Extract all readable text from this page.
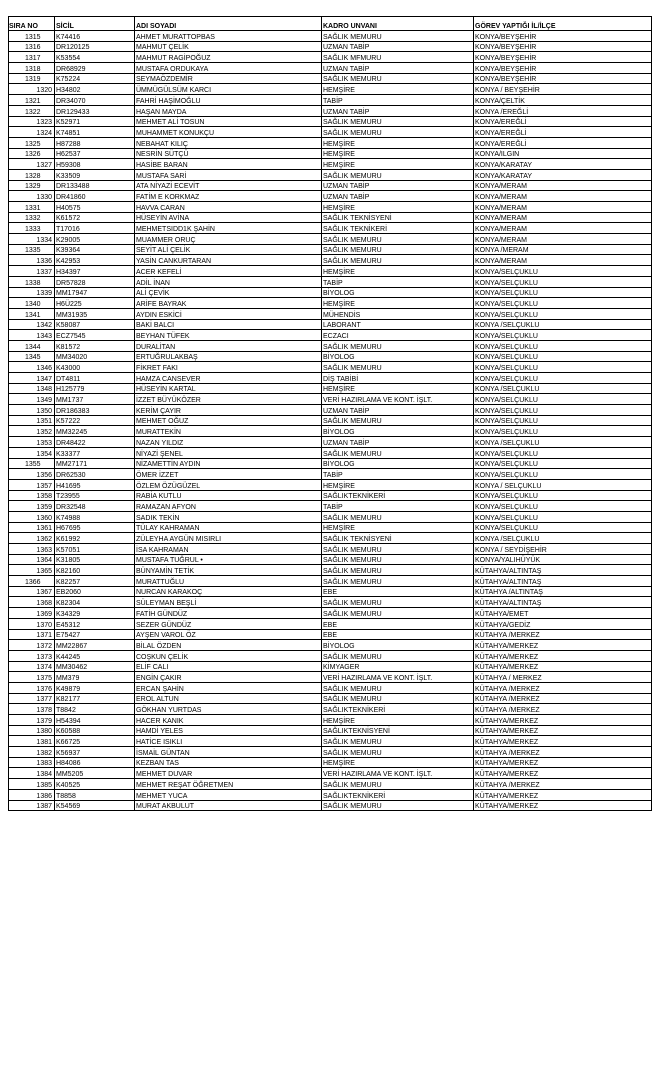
SIRA NO	SİCİL	ADI SOYADI	KADRO UNVANI	GÖREV YAPTIĞI İL/İLÇE
1315	K74416	AHMET MURATTOPBAS	SAĞLIK MEMURU	KONYA/BEYŞEHİR
1316	DR120125	MAHMUT ÇELİK	UZMAN TABİP	KONYA/BEYŞEHİR
1317	K53554	MAHMUT RAGİPOĞUZ	SAĞLIK MFMURU	KONYA/BEYŞEHİR
1318	DR68929	MUSTAFA ORDUKAYA	UZMAN TABİP	KONYA/BEYŞEHİR
1319	K75224	SEYMAÖZDEMİR	SAĞLIK MEMURU	KONYA/BEYŞEHİR
1320	H34802	ÜMMÜGÜLSÜM KARCI	HEMŞİRE	KONYA / BEYŞEHİR
1321	DR34070	FAHRİ HAŞİMOĞLU	TABİP	KONYA/ÇELTİK
1322	DR129433	HAŞAN MAYDA	UZMAN TABİP	KONYA /EREĞLİ
1323	K52971	MEHMET ALİ TOSUN	SAĞLIK MEMURU	KONYA/EREĞLİ
1324	K74851	MUHAMMET KONUKÇU	SAĞLIK MEMURU	KONYA/EREĞLİ
1325	H87288	NEBAHAT KILIÇ	HEMŞİRE	KONYA/EREĞLİ
1326	H62537	NESRİN SÜTÇÜ	HEMŞİRE	KONYA/ILGIN
1327	H59308	HASİBE BARAN	HEMŞİRE	KONYA/KARATAY
1328	K33509	MUSTAFA SARİ	SAĞLIK MEMURU	KONYA/KARATAY
1329	DR133488	ATA NİYAZİ ECEVİT	UZMAN TABİP	KONYA/MERAM
1330	DR41860	FATİM E KORKMAZ	UZMAN TABİP	KONYA/MERAM
1331	H40575	HAVVA CARAN	HEMŞİRE	KONYA/MERAM
1332	K61572	HÜSEYİN AVİNA	SAĞLIK TEKNİSYENİ	KONYA/MERAM
1333	T17016	MEHMETSIDD1K ŞAHİN	SAĞLIK TEKNİKERİ	KONYA/MERAM
1334	K29005	MUAMMER ORUÇ	SAĞLIK MEMURU	KONYA/MERAM
1335	K39364	SEYİT ALİ ÇELİK	SAĞLIK MEMURU	KONYA /MERAM
1336	K42953	YASİN CANKURTARAN	SAĞLIK MEMURU	KONYA/MERAM
1337	H34397	ACER KEFELİ	HEMŞİRE	KONYA/SELÇUKLU
1338	DR57828	ADİL İNAN	TABİP	KONYA/SELÇUKLU
1339	MM17947	ALİ ÇEVİK	BİYOLOG	KONYA/SELÇUKLU
1340	H6Ü225	ARİFE BAYRAK	HEMŞİRE	KONYA/SELÇUKLU
1341	MM31935	AYDIN ESKİCİ	MÜHENDİS	KONYA/SELÇUKLU
1342	K58087	BAKİ BALCI	LABORANT	KONYA /SELÇUKLU
1343	ECZ7545	BEYHAN TÜFEK	ECZACI	KONYA/SELÇUKLU
1344	K81572	DURALİTAN	SAĞLIK MEMURU	KONYA/SELÇUKLU
1345	MM34020	ERTUĞRULAKBAŞ	BİYOLOG	KONYA/SELÇUKLU
1346	K43000	FİKRET FAKI	SAĞLIK MEMURU	KONYA/SELÇUKLU
1347	DT4811	HAMZA CANSEVER	DİŞ TABİBİ	KONYA/SELÇUKLU
1348	H125779	HÜSEYİN KARTAL	HEMŞİRE	KONYA /SELÇUKLU
1349	MM1737	İZZET BÜYÜKÖZER	VERİ HAZIRLAMA VE KONT. İŞLT.	KONYA/SELÇUKLU
1350	DR186383	KERİM ÇAYIR	UZMAN TABİP	KONYA/SELÇUKLU
1351	K57222	MEHMET OĞUZ	SAĞLIK MEMURU	KONYA/SELÇUKLU
1352	MM32245	MURATTEKİN	BİYOLOG	KONYA/SELÇUKLU
1353	DR48422	NAZAN YILDIZ	UZMAN TABİP	KONYA /SELÇUKLU
1354	K33377	NİYAZİ ŞENEL	SAĞLIK MEMURU	KONYA/SELÇUKLU
1355	MM27171	NİZAMETTİN AYDIN	BİYOLOG	KONYA/SELÇUKLU
1356	DR62530	ÖMER İZZET	TABİP	KONYA/SELÇUKLU
1357	H41695	ÖZLEM ÖZÜGÜZEL	HEMŞİRE	KONYA / SELÇUKLU
1358	T23955	RABİA KUTLU	SAĞLIKTEKNİKERİ	KONYA/SELÇUKLU
1359	DR32548	RAMAZAN AFYON	TABİP	KONYA/SELÇUKLU
1360	K74988	SADIK TEKİN	SAĞLIK MEMURU	KONYA/SELÇUKLU
1361	H67695	TÜLAY KAHRAMAN	HEMŞİRE	KONYA/SELÇUKLU
1362	K61992	ZÜLEYHA AYGÜN MISIRLI	SAĞLIK TEKNİSYENİ	KONYA /SELÇUKLU
1363	K57051	İSA KAHRAMAN	SAĞLIK MEMURU	KONYA / SEYDİŞEHİR
1364	K31805	MUSTAFA TUĞRUL •	SAĞLIK MEMURU	KONYA/YALIHÜYÜK
1365	K82160	BÜNYAMİN TETİK	SAĞLIK MEMURU	KÜTAHYA/ALTINTAŞ
1366	K82257	MURATTUĞLU	SAĞLIK MEMURU	KÜTAHYA/ALTINTAŞ
1367	EB2060	NURCAN KARAKOÇ	EBE	KÜTAHYA /ALTINTAŞ
1368	K82304	SÜLEYMAN BEŞLİ	SAĞLIK MEMURU	KÜTAHYA/ALTINTAŞ
1369	K34329	FATİH GÜNDÜZ	SAĞLIK MEMURU	KÜTAHYA/EMET
1370	E45312	SEZER GÜNDÜZ	EBE	KÜTAHYA/GEDİZ
1371	E75427	AYŞEN VAROL ÖZ	EBE	KÜTAHYA /MERKEZ
1372	MM22867	BİLAL ÖZDEN	BİYOLOG	KÜTAHYA/MERKEZ
1373	K44245	COŞKUN ÇELİK	SAĞLIK MEMURU	KÜTAHYA/MERKEZ
1374	MM30462	ELİF CALI	KİMYAGER	KÜTAHYA/MERKEZ
1375	MM379	ENGİN ÇAKIR	VERİ HAZIRLAMA VE KONT. İŞLT.	KÜTAHYA / MERKEZ
1376	K49879	ERCAN ŞAHİN	SAĞLIK MEMURU	KÜTAHYA /MERKEZ
1377	K82177	EROL ALTUN	SAĞLIK MEMURU	KÜTAHYA /MERKEZ
1378	T8842	GÖKHAN YURTDAS	SAĞLIKTEKNİKERİ	KÜTAHYA /MERKEZ
1379	H54394	HACER KANIK	HEMŞİRE	KÜTAHYA/MERKEZ
1380	K60588	HAMDİ YELES	SAĞLIKTEKNİSYENİ	KÜTAHYA/MERKEZ
1381	K66725	HATİCE ISIKLI	SAĞLIK MEMURU	KÜTAHYA/MERKEZ
1382	K56937	İSMAİL GÜNTAN	SAĞLIK MEMURU	KÜTAHYA /MERKEZ
1383	H84086	KEZBAN TAS	HEMŞİRE	KÜTAHYA/MERKEZ
1384	MM5205	MEHMET DUVAR	VERİ HAZIRLAMA VE KONT. İŞLT.	KÜTAHYA/MERKEZ
1385	K40525	MEHMET REŞAT ÖĞRETMEN	SAĞLIK MEMURU	KÜTAHYA /MERKEZ
1386	T8858	MEHMET YUCA	SAĞLIKTEKNİKERİ	KÜTAHYA/MERKEZ
1387	K54569	MURAT AKBULUT	SAĞLIK MEMURU	KÜTAHYA/MERKEZ
